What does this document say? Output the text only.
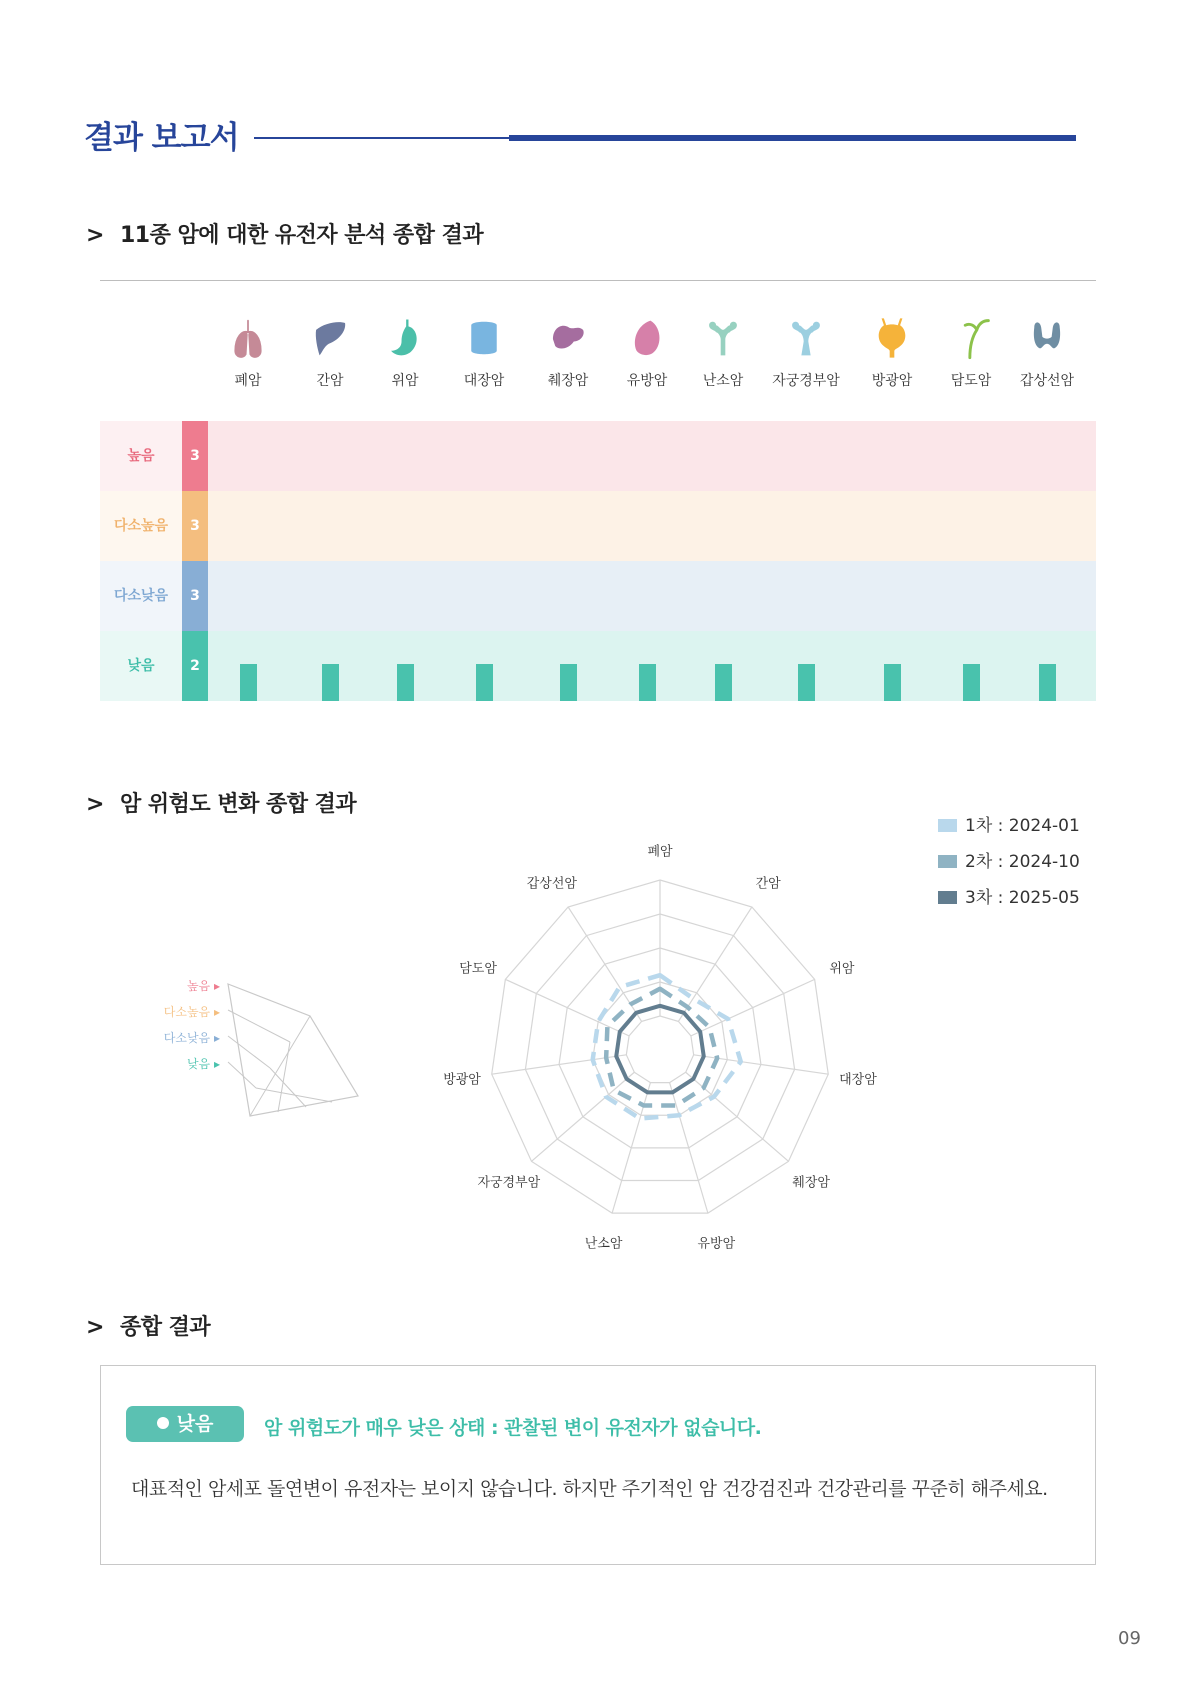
결과 보고서
> 11종 암에 대한 유전자 분석 종합 결과
폐암	간암	위암	대장암	췌장암	유방암	난소암	자궁경부암	방광암	담도암	갑상선암
높음	3
다소높음	3
다소낮음	3
낮음	2
> 암 위험도 변화 종합 결과
1차 : 2024-01
2차 : 2024-10
3차 : 2025-05
높음 ▸
다소높음 ▸
다소낮음 ▸
낮음 ▸
폐암
간암
위암
대장암
췌장암
유방암
난소암
자궁경부암
방광암
담도암
갑상선암
> 종합 결과
낮음	암 위험도가 매우 낮은 상태 : 관찰된 변이 유전자가 없습니다.
대표적인 암세포 돌연변이 유전자는 보이지 않습니다. 하지만 주기적인 암 건강검진과 건강관리를 꾸준히 해주세요.
09
